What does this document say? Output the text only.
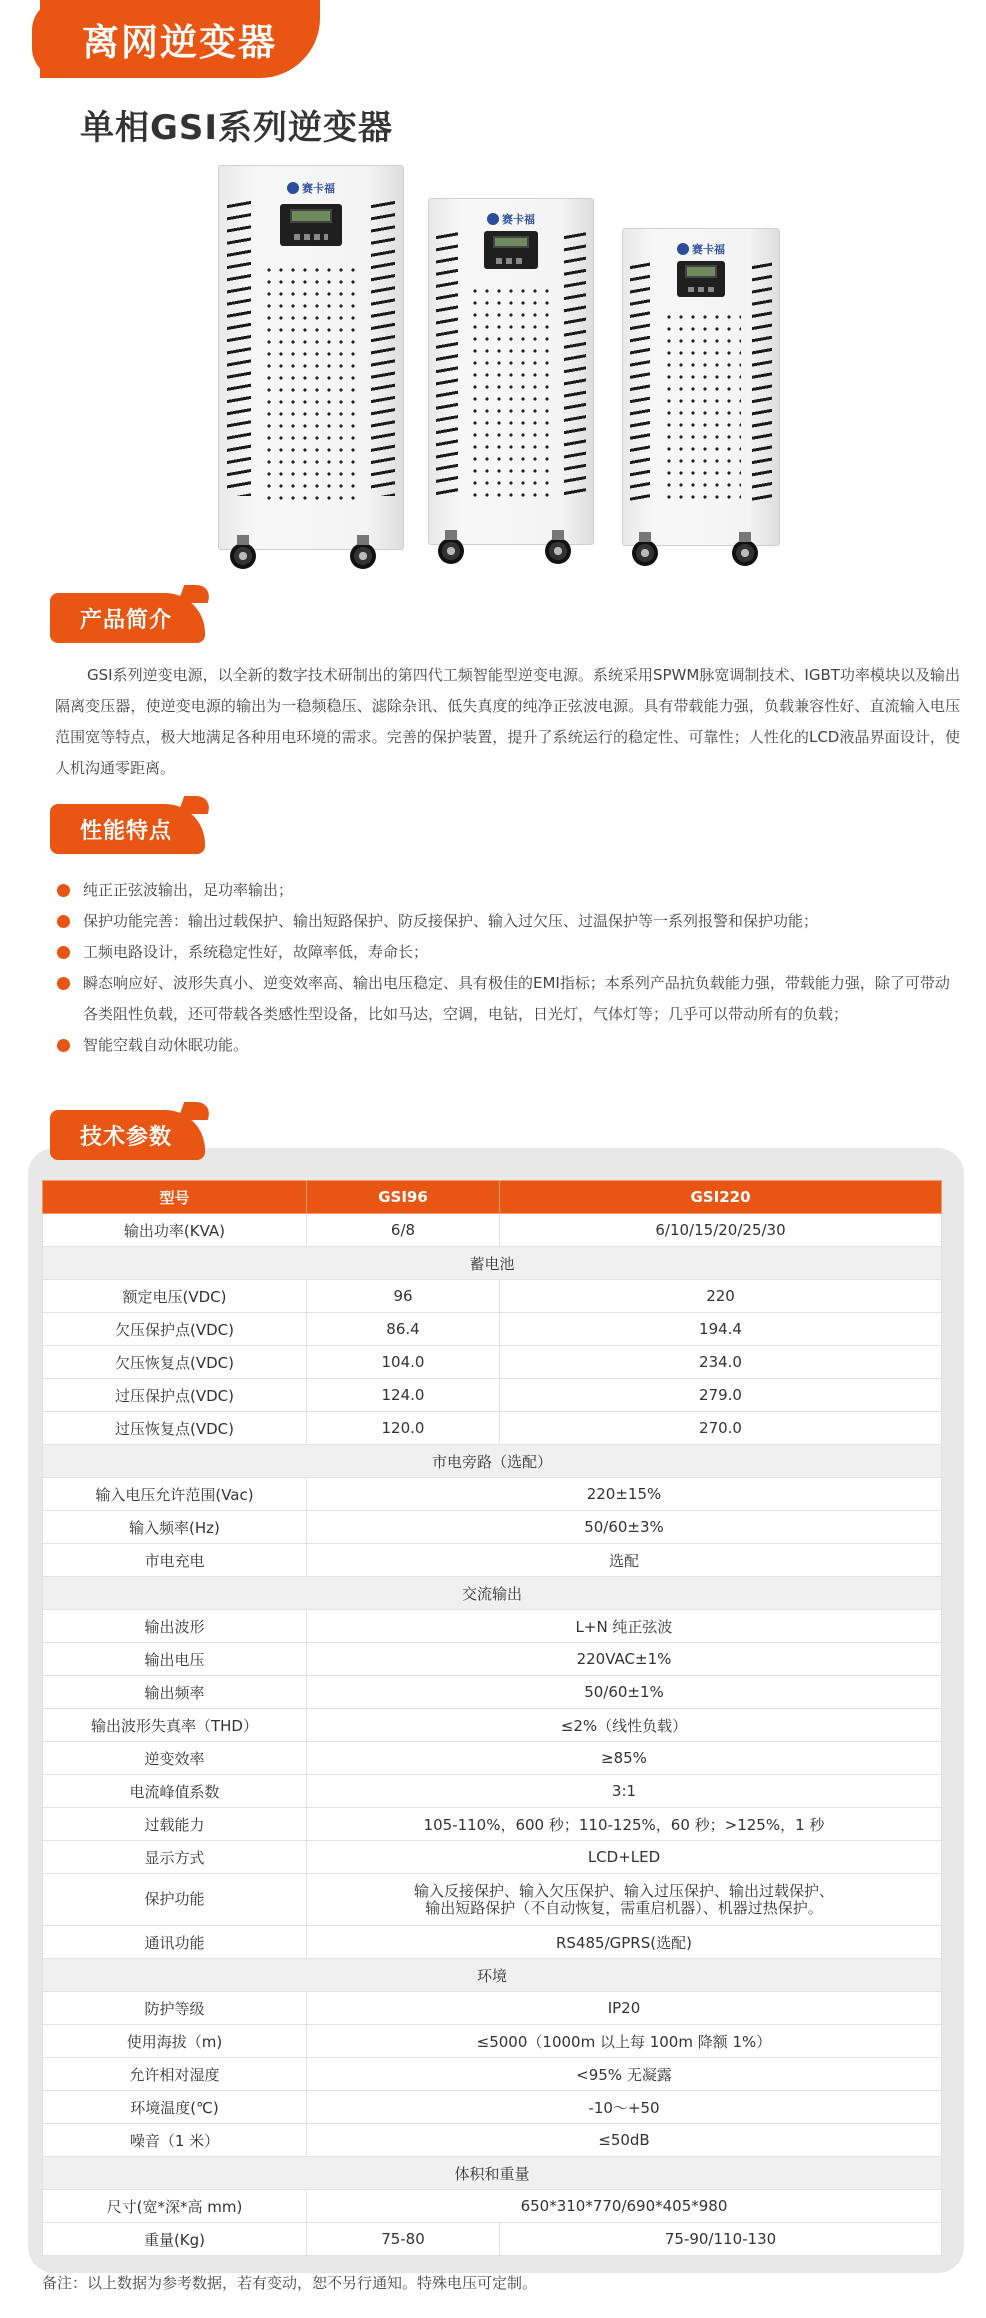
离网逆变器
单相GSI系列逆变器
赛卡福
赛卡福
赛卡福
产品简介

GSI系列逆变电源，以全新的数字技术研制出的第四代工频智能型逆变电源。系统采用SPWM脉宽调制技术、IGBT功率模块以及输出隔离变压器，使逆变电源的输出为一稳频稳压、滤除杂讯、低失真度的纯净正弦波电源。具有带载能力强，负载兼容性好、直流输入电压范围宽等特点，极大地满足各种用电环境的需求。完善的保护装置，提升了系统运行的稳定性、可靠性；人性化的LCD液晶界面设计，使人机沟通零距离。

性能特点
纯正正弦波输出，足功率输出；
保护功能完善：输出过载保护、输出短路保护、防反接保护、输入过欠压、过温保护等一系列报警和保护功能；
工频电路设计，系统稳定性好，故障率低，寿命长；
瞬态响应好、波形失真小、逆变效率高、输出电压稳定、具有极佳的EMI指标；本系列产品抗负载能力强，带载能力强，除了可带动各类阻性负载，还可带载各类感性型设备，比如马达，空调，电钻，日光灯，气体灯等；几乎可以带动所有的负载；
智能空载自动休眠功能。
技术参数
型号	GSI96	GSI220
输出功率(KVA)	6/8	6/10/15/20/25/30
蓄电池		
额定电压(VDC)	96	220
欠压保护点(VDC)	86.4	194.4
欠压恢复点(VDC)	104.0	234.0
过压保护点(VDC)	124.0	279.0
过压恢复点(VDC)	120.0	270.0
市电旁路（选配）		
输入电压允许范围(Vac)	220±15%	
输入频率(Hz)	50/60±3%	
市电充电	选配	
交流输出		
输出波形	L+N 纯正弦波	
输出电压	220VAC±1%	
输出频率	50/60±1%	
输出波形失真率（THD）	≤2%（线性负载）	
逆变效率	≥85%	
电流峰值系数	3:1	
过载能力	105-110%，600 秒；110-125%，60 秒；>125%，1 秒	
显示方式	LCD+LED	
保护功能	输入反接保护、输入欠压保护、输入过压保护、输出过载保护、
输出短路保护（不自动恢复，需重启机器）、机器过热保护。	
通讯功能	RS485/GPRS(选配)	
环境		
防护等级	IP20	
使用海拔（m)	≤5000（1000m 以上每 100m 降额 1%）	
允许相对湿度	<95% 无凝露	
环境温度(℃)	-10～+50	
噪音（1 米）	≤50dB	
体积和重量		
尺寸(宽*深*高 mm)	650*310*770/690*405*980	
重量(Kg)	75-80	75-90/110-130
备注：以上数据为参考数据，若有变动，恕不另行通知。特殊电压可定制。
